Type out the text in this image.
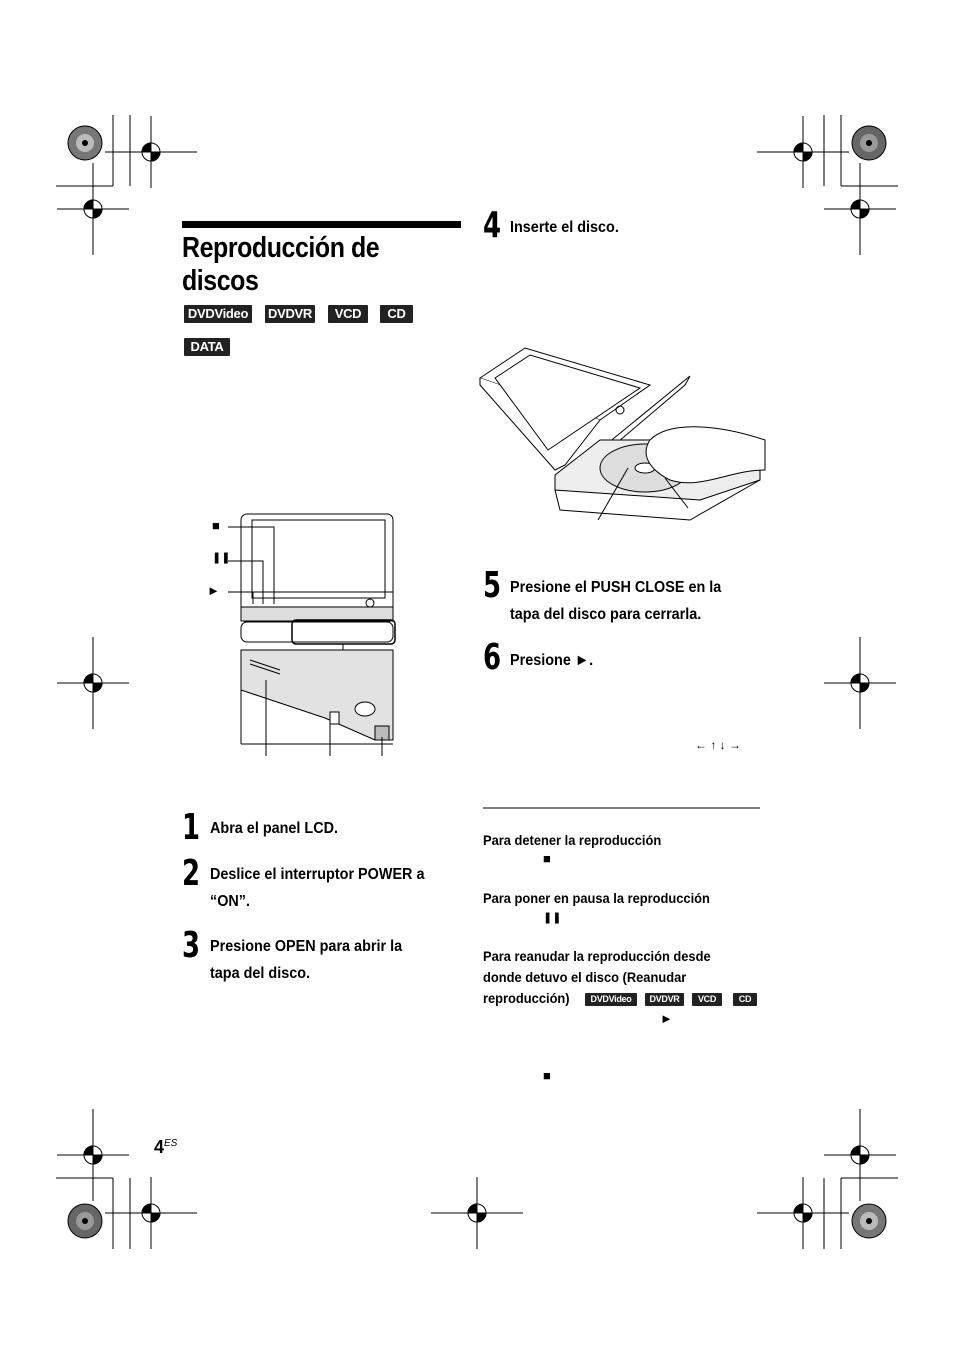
Reproducción de
discos
DVDVideo DVDVR	VCD	CD
DATA
■
❚❚
►
1 Abra el panel LCD.
2 Deslice el interruptor POWER a
“ON”.
3 Presione OPEN para abrir la
tapa del disco.
4 Inserte el disco.
5 Presione el PUSH CLOSE en la
tapa del disco para cerrarla.
6 Presione ►.
← ↑ ↓ →
Para detener la reproducción
■
Para poner en pausa la reproducción
❚❚
Para reanudar la reproducción desde
donde detuvo el disco (Reanudar
reproducción)	DVDVideo	DVDVR	VCD	CD
►
■
$4^{ES}$
